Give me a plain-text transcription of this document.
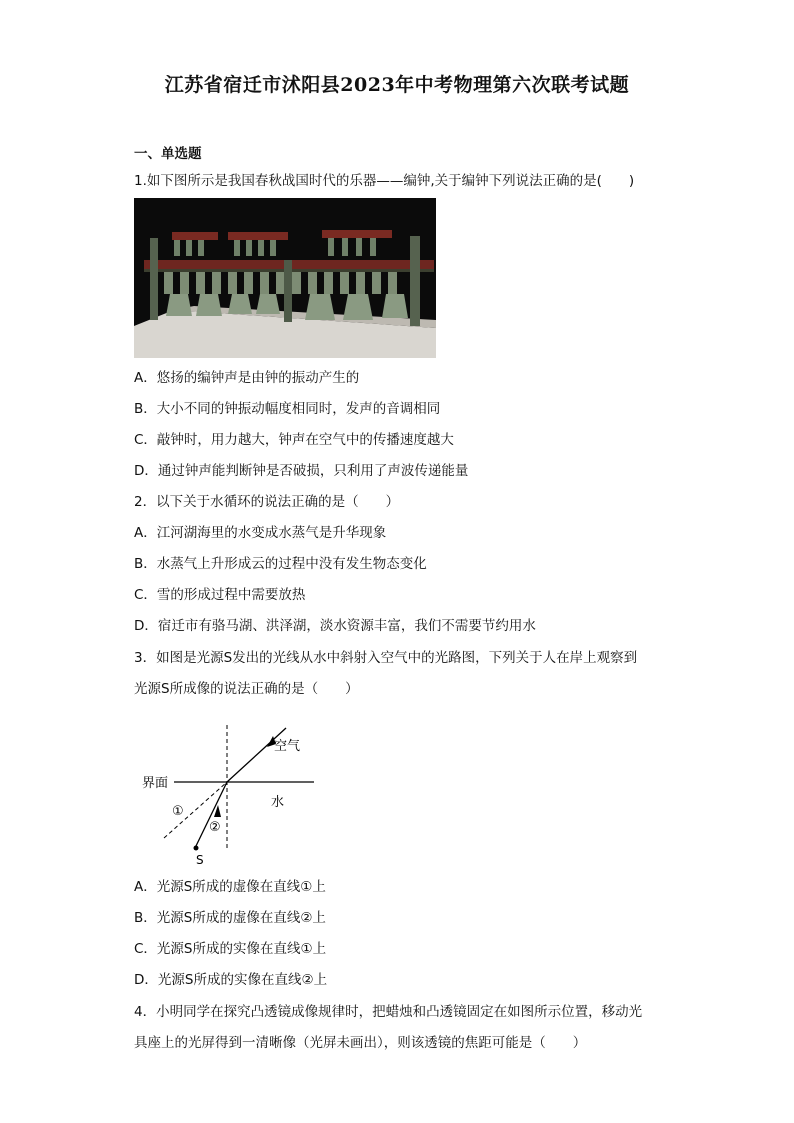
江苏省宿迁市沭阳县2023年中考物理第六次联考试题
一、单选题
1.如下图所示是我国春秋战国时代的乐器——编钟,关于编钟下列说法正确的是(　　)
A．悠扬的编钟声是由钟的振动产生的
B．大小不同的钟振动幅度相同时，发声的音调相同
C．敲钟时，用力越大，钟声在空气中的传播速度越大
D．通过钟声能判断钟是否破损，只利用了声波传递能量
2．以下关于水循环的说法正确的是（　　）
A．江河湖海里的水变成水蒸气是升华现象
B．水蒸气上升形成云的过程中没有发生物态变化
C．雪的形成过程中需要放热
D．宿迁市有骆马湖、洪泽湖，淡水资源丰富，我们不需要节约用水
3．如图是光源S发出的光线从水中斜射入空气中的光路图，下列关于人在岸上观察到
光源S所成像的说法正确的是（　　）
界面
空气
水
①
②
S
A．光源S所成的虚像在直线①上
B．光源S所成的虚像在直线②上
C．光源S所成的实像在直线①上
D．光源S所成的实像在直线②上
4．小明同学在探究凸透镜成像规律时，把蜡烛和凸透镜固定在如图所示位置，移动光
具座上的光屏得到一清晰像（光屏未画出），则该透镜的焦距可能是（　　）
